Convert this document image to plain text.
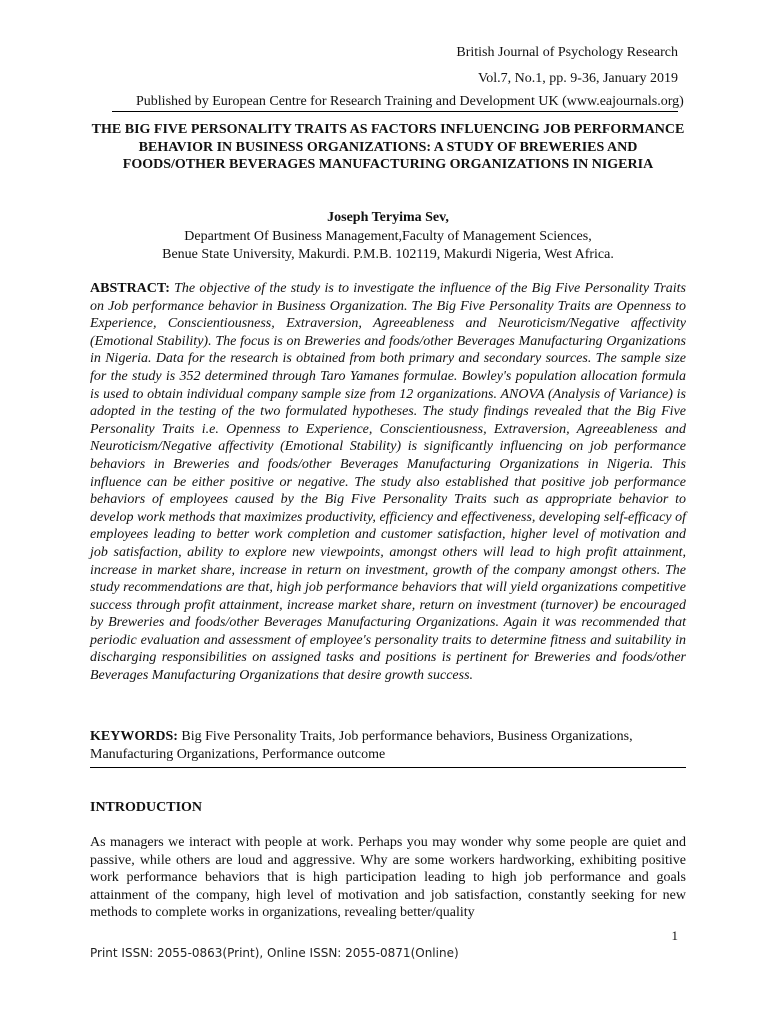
British Journal of Psychology Research
Vol.7, No.1, pp. 9-36, January 2019
Published by European Centre for Research Training and Development UK (www.eajournals.org)
THE BIG FIVE PERSONALITY TRAITS AS FACTORS INFLUENCING JOB PERFORMANCE BEHAVIOR IN BUSINESS ORGANIZATIONS: A STUDY OF BREWERIES AND FOODS/OTHER BEVERAGES MANUFACTURING ORGANIZATIONS IN NIGERIA
Joseph Teryima Sev,
Department Of Business Management,Faculty of Management Sciences,
Benue State University, Makurdi. P.M.B. 102119, Makurdi Nigeria, West Africa.

ABSTRACT: The objective of the study is to investigate the influence of the Big Five Personality Traits on Job performance behavior in Business Organization. The Big Five Personality Traits are Openness to Experience, Conscientiousness, Extraversion, Agreeableness and Neuroticism/Negative affectivity (Emotional Stability). The focus is on Breweries and foods/other Beverages Manufacturing Organizations in Nigeria. Data for the research is obtained from both primary and secondary sources. The sample size for the study is 352 determined through Taro Yamanes formulae. Bowley's population allocation formula is used to obtain individual company sample size from 12 organizations. ANOVA (Analysis of Variance) is adopted in the testing of the two formulated hypotheses. The study findings revealed that the Big Five Personality Traits i.e. Openness to Experience, Conscientiousness, Extraversion, Agreeableness and Neuroticism/Negative affectivity (Emotional Stability) is significantly influencing on job performance behaviors in Breweries and foods/other Beverages Manufacturing Organizations in Nigeria. This influence can be either positive or negative. The study also established that positive job performance behaviors of employees caused by the Big Five Personality Traits such as appropriate behavior to develop work methods that maximizes productivity, efficiency and effectiveness, developing self-efficacy of employees leading to better work completion and customer satisfaction, higher level of motivation and job satisfaction, ability to explore new viewpoints, amongst others will lead to high profit attainment, increase in market share, increase in return on investment, growth of the company amongst others. The study recommendations are that, high job performance behaviors that will yield organizations competitive success through profit attainment, increase market share, return on investment (turnover) be encouraged by Breweries and foods/other Beverages Manufacturing Organizations. Again it was recommended that periodic evaluation and assessment of employee's personality traits to determine fitness and suitability in discharging responsibilities on assigned tasks and positions is pertinent for Breweries and foods/other Beverages Manufacturing Organizations that desire growth success.

KEYWORDS: Big Five Personality Traits, Job performance behaviors, Business Organizations, Manufacturing Organizations, Performance outcome

INTRODUCTION

As managers we interact with people at work. Perhaps you may wonder why some people are quiet and passive, while others are loud and aggressive. Why are some workers hardworking, exhibiting positive work performance behaviors that is high participation leading to high job performance and goals attainment of the company, high level of motivation and job satisfaction, constantly seeking for new methods to complete works in organizations, revealing better/quality

1
Print ISSN: 2055-0863(Print), Online ISSN: 2055-0871(Online)
